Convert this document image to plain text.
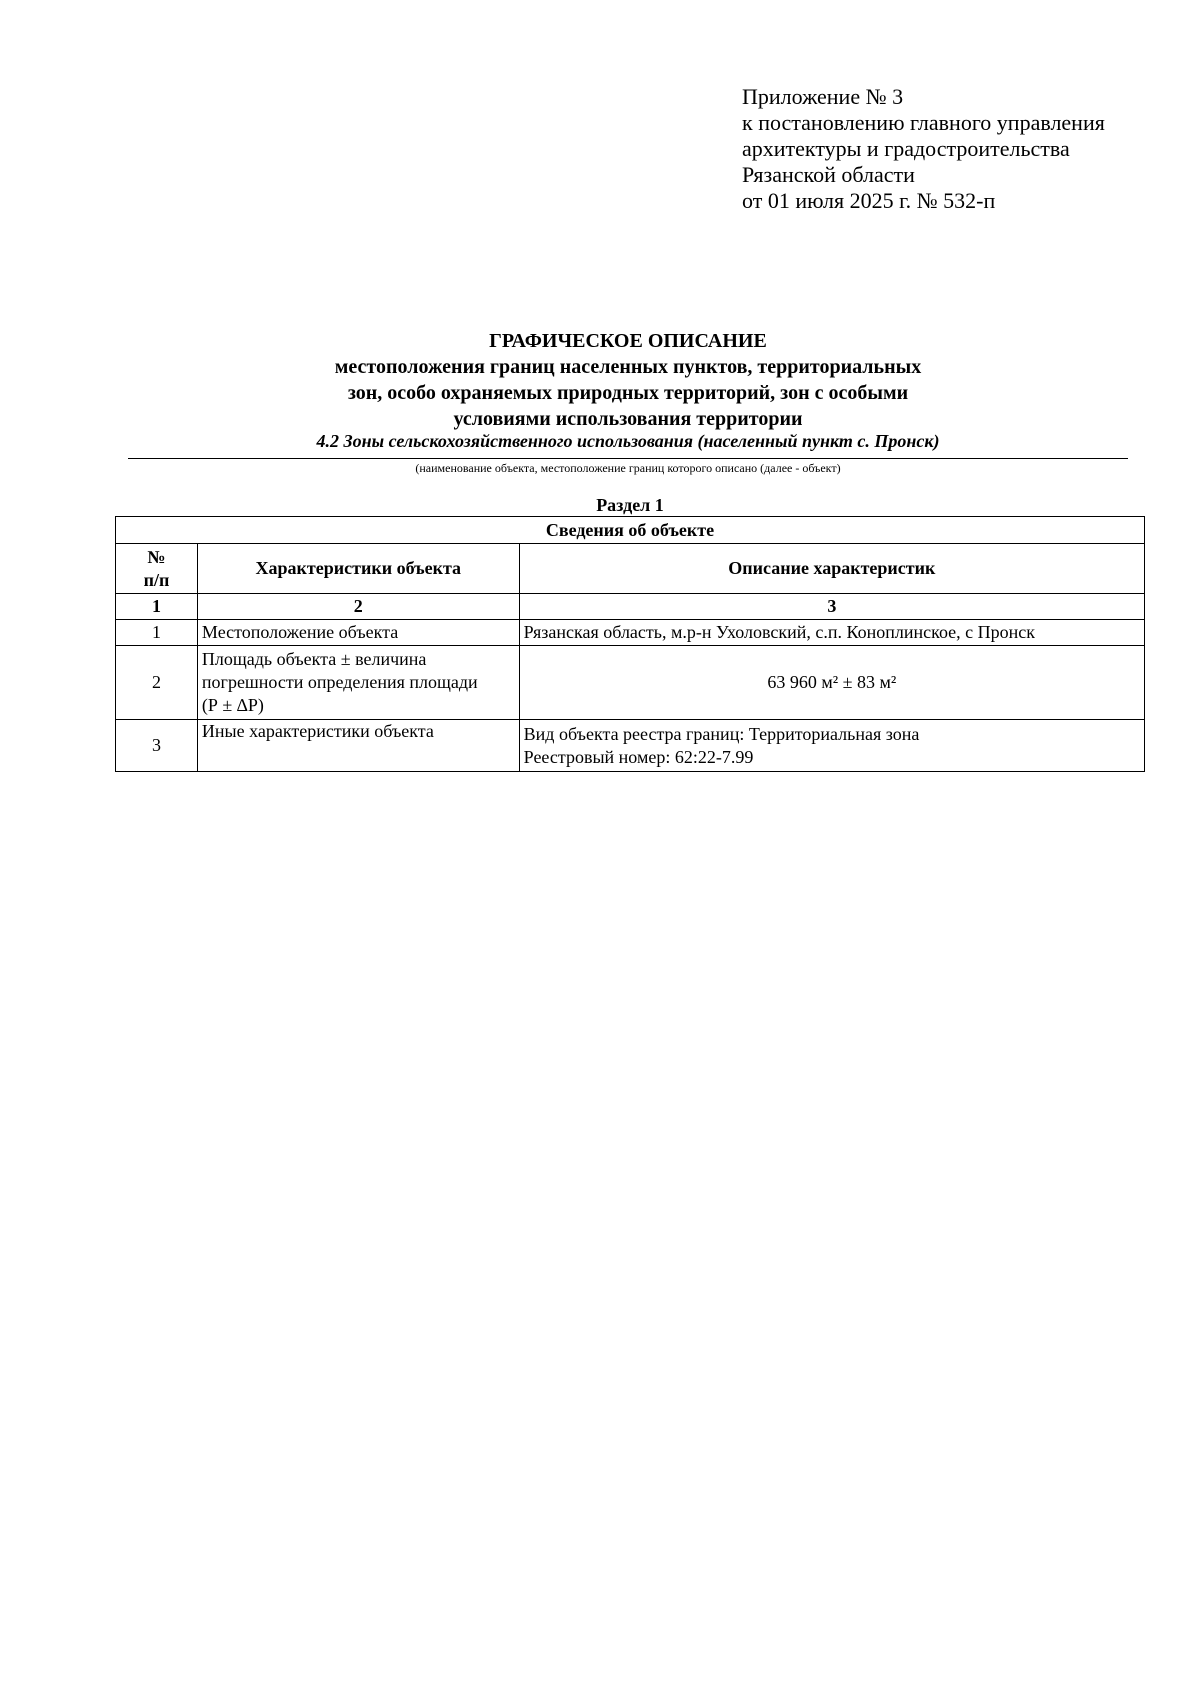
Приложение № 3
к постановлению главного управления
архитектуры и градостроительства
Рязанской области
от 01 июля 2025 г. № 532-п
ГРАФИЧЕСКОЕ ОПИСАНИЕ
местоположения границ населенных пунктов, территориальных
зон, особо охраняемых природных территорий, зон с особыми
условиями использования территории
4.2 Зоны сельскохозяйственного использования (населенный пункт с. Пронск)
(наименование объекта, местоположение границ которого описано (далее - объект)
Раздел 1
Сведения об объекте		

№
п/п	Характеристики объекта	Описание характеристик
1	2	3
1	Местоположение объекта	Рязанская область, м.р-н Ухоловский, с.п. Коноплинское, с Пронск
2	Площадь объекта ± величина
погрешности определения площади
(Р ± ∆Р)	63 960 м² ± 83 м²
3	Иные характеристики объекта	Вид объекта реестра границ: Территориальная зона
Реестровый номер: 62:22-7.99
